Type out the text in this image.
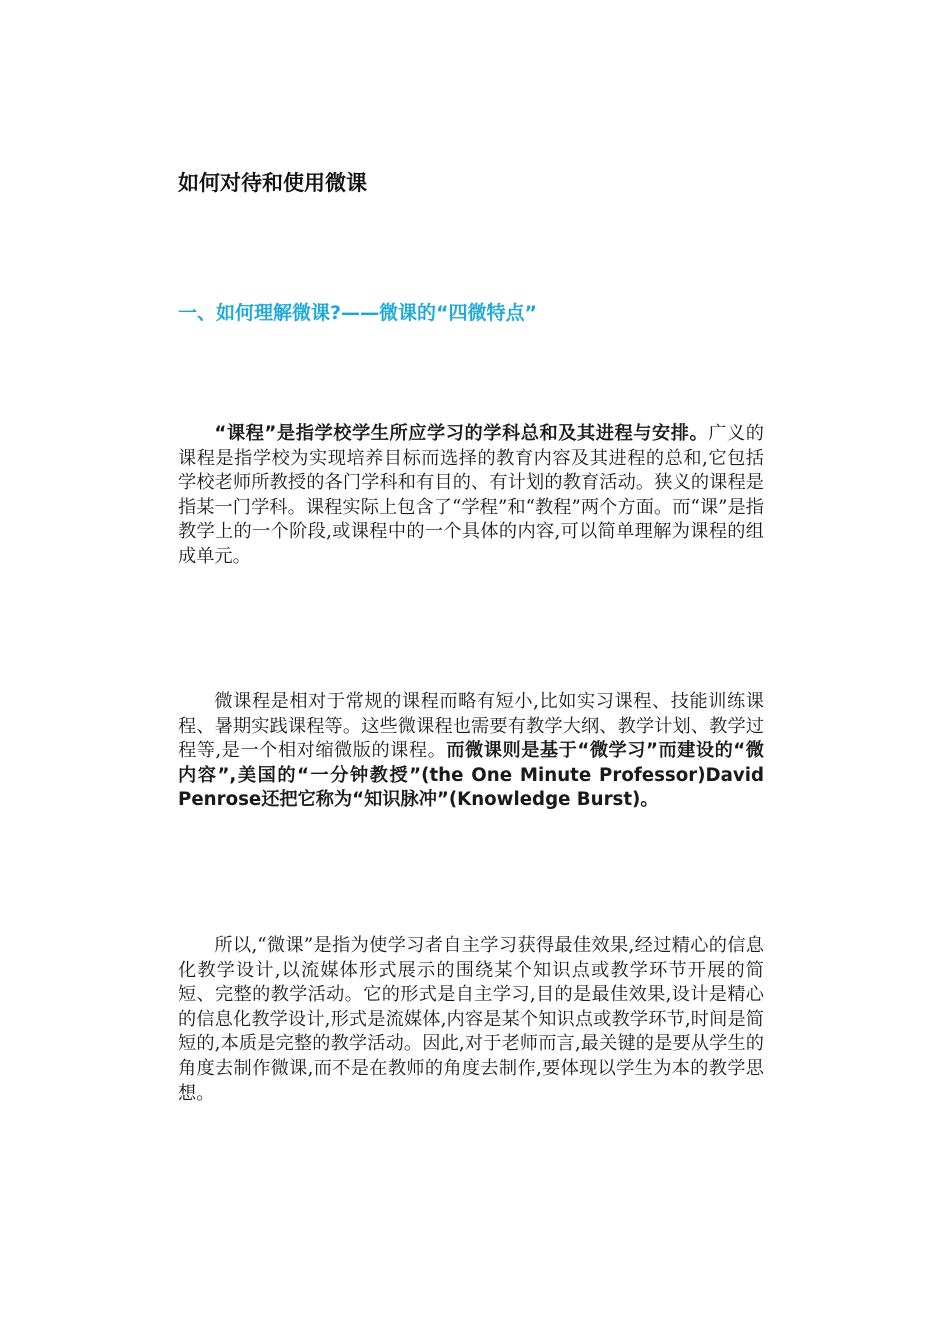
如何对待和使用微课
一、如何理解微课?——微课的“四微特点”

“课程”是指学校学生所应学习的学科总和及其进程与安排。广义的课程是指学校为实现培养目标而选择的教育内容及其进程的总和,它包括学校老师所教授的各门学科和有目的、有计划的教育活动。狭义的课程是指某一门学科。课程实际上包含了“学程”和“教程”两个方面。而“课”是指教学上的一个阶段,或课程中的一个具体的内容,可以简单理解为课程的组成单元。

微课程是相对于常规的课程而略有短小,比如实习课程、技能训练课程、暑期实践课程等。这些微课程也需要有教学大纲、教学计划、教学过程等,是一个相对缩微版的课程。而微课则是基于“微学习”而建设的“微内容”,美国的“一分钟教授”(the One Minute Professor)David Penrose还把它称为“知识脉冲”(Knowledge Burst)。

所以,“微课”是指为使学习者自主学习获得最佳效果,经过精心的信息化教学设计,以流媒体形式展示的围绕某个知识点或教学环节开展的简短、完整的教学活动。它的形式是自主学习,目的是最佳效果,设计是精心的信息化教学设计,形式是流媒体,内容是某个知识点或教学环节,时间是简短的,本质是完整的教学活动。因此,对于老师而言,最关键的是要从学生的角度去制作微课,而不是在教师的角度去制作,要体现以学生为本的教学思想。
